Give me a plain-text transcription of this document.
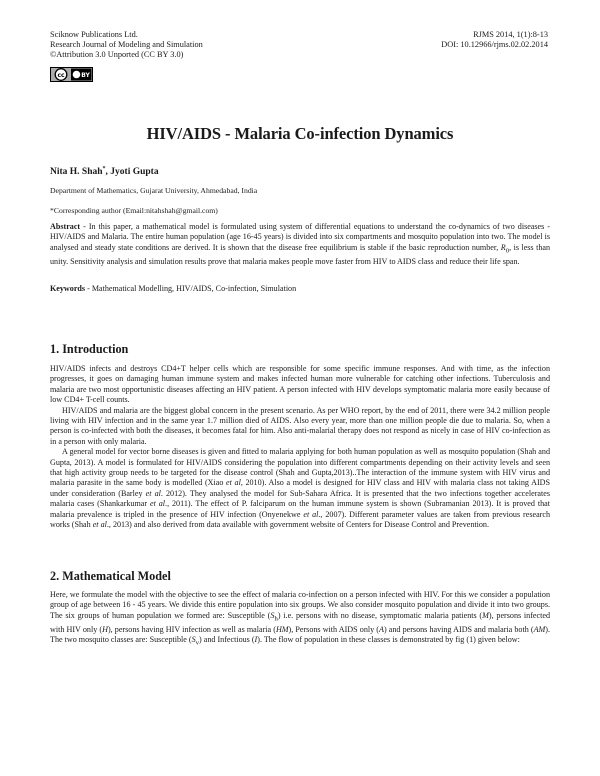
Sciknow Publications Ltd.
Research Journal of Modeling and Simulation
©Attribution 3.0 Unported (CC BY 3.0)
RJMS 2014, 1(1):8-13
DOI: 10.12966/rjms.02.02.2014
cc	BY
HIV/AIDS - Malaria Co-infection Dynamics
Nita H. Shah*, Jyoti Gupta
Department of Mathematics, Gujarat University, Ahmedabad, India
*Corresponding author (Email:nitahshah@gmail.com)
Abstract - In this paper, a mathematical model is formulated using system of differential equations to understand the co-dynamics of two diseases - HIV/AIDS and Malaria. The entire human population (age 16-45 years) is divided into six compartments and mosquito population into two. The model is analysed and steady state conditions are derived. It is shown that the disease free equilibrium is stable if the basic reproduction number, $R_0$, is less than unity. Sensitivity analysis and simulation results prove that malaria makes people move faster from HIV to AIDS class and reduce their life span.
Keywords - Mathematical Modelling, HIV/AIDS, Co-infection, Simulation
1. Introduction

HIV/AIDS infects and destroys CD4+T helper cells which are responsible for some specific immune responses. And with time, as the infection progresses, it goes on damaging human immune system and makes infected human more vulnerable for catching other infections. Tuberculosis and malaria are two most opportunistic diseases affecting an HIV patient. A person infected with HIV develops symptomatic malaria more easily because of low CD4+ T-cell counts.

HIV/AIDS and malaria are the biggest global concern in the present scenario. As per WHO report, by the end of 2011, there were 34.2 million people living with HIV infection and in the same year 1.7 million died of AIDS. Also every year, more than one million people die due to malaria. So, when a person is co-infected with both the diseases, it becomes fatal for him. Also anti-malarial therapy does not respond as nicely in case of HIV co-infection as in a person with only malaria.

A general model for vector borne diseases is given and fitted to malaria applying for both human population as well as mosquito population (Shah and Gupta, 2013). A model is formulated for HIV/AIDS considering the population into different compartments depending on their activity levels and seen that high activity group needs to be targeted for the disease control (Shah and Gupta,2013)..The interaction of the immune system with HIV virus and malaria parasite in the same body is modelled (Xiao et al, 2010). Also a model is designed for HIV class and HIV with malaria class not taking AIDS under consideration (Barley et al. 2012). They analysed the model for Sub-Sahara Africa. It is presented that the two infections together accelerates malaria cases (Shankarkumar et al., 2011). The effect of P. falciparum on the human immune system is shown (Subramanian 2013). It is proved that malaria prevalence is tripled in the presence of HIV infection (Onyenekwe et al., 2007). Different parameter values are taken from previous research works (Shah et al., 2013) and also derived from data available with government website of Centers for Disease Control and Prevention.

2. Mathematical Model

Here, we formulate the model with the objective to see the effect of malaria co-infection on a person infected with HIV. For this we consider a population group of age between 16 - 45 years. We divide this entire population into six groups. We also consider mosquito population and divide it into two groups. The six groups of human population we formed are: Susceptible $(S_h)$ i.e. persons with no disease, symptomatic malaria patients (M), persons infected with HIV only (H), persons having HIV infection as well as malaria (HM), Persons with AIDS only (A) and persons having AIDS and malaria both (AM). The two mosquito classes are: Susceptible $(S_v)$ and Infectious (I). The flow of population in these classes is demonstrated by fig (1) given below:
